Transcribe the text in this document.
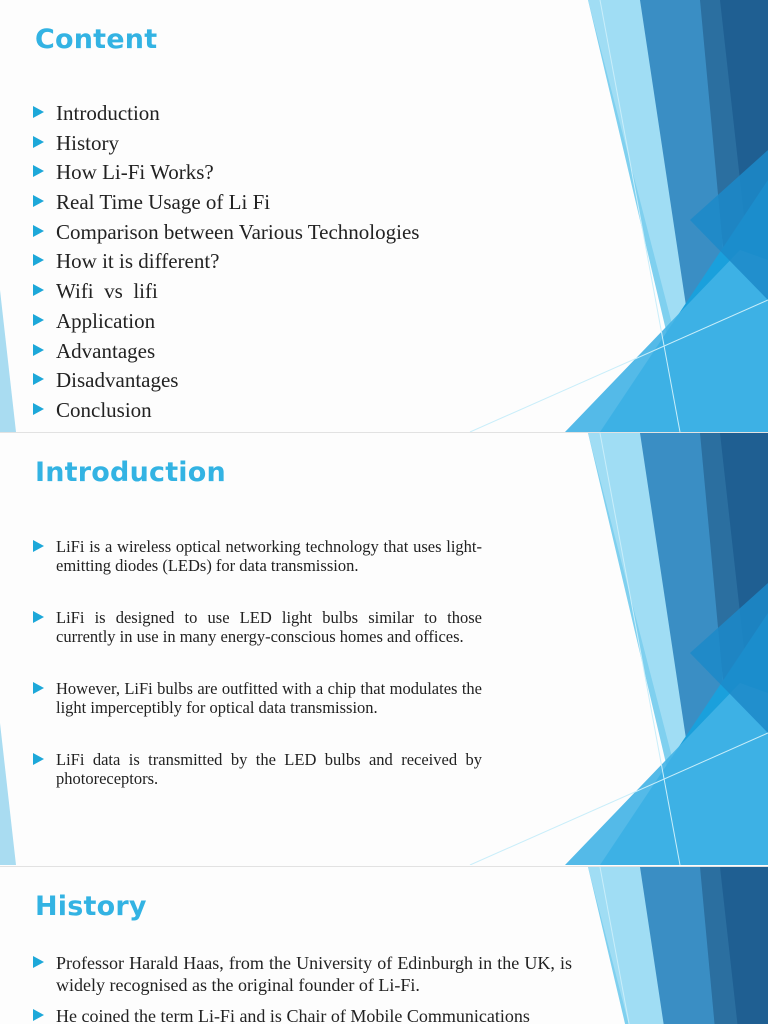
Content
Introduction
History
How Li-Fi Works?
Real Time Usage of Li Fi
Comparison between Various Technologies
How it is different?
Wifi  vs  lifi
Application
Advantages
Disadvantages
Conclusion
Introduction
LiFi is a wireless optical networking technology that uses light-emitting diodes (LEDs) for data transmission.
LiFi is designed to use LED light bulbs similar to those currently in use in many energy-conscious homes and offices.
However, LiFi bulbs are outfitted with a chip that modulates the light imperceptibly for optical data transmission.
LiFi data is transmitted by the LED bulbs and received by photoreceptors.
History
Professor Harald Haas, from the University of Edinburgh in the UK, is widely recognised as the original founder of Li-Fi.
He coined the term Li-Fi and is Chair of Mobile Communications
